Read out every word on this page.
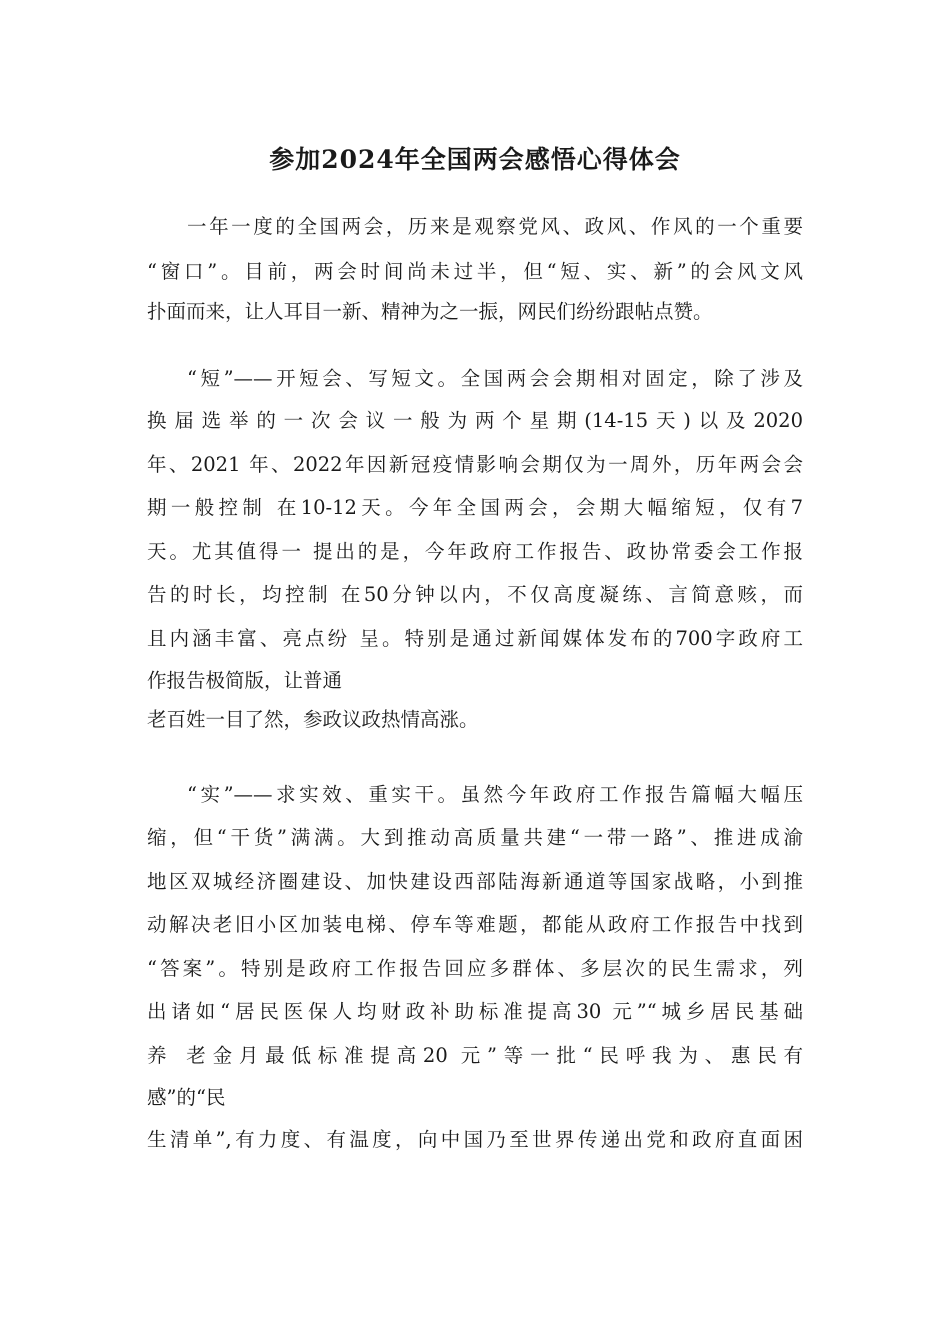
参加2024年全国两会感悟心得体会
一年一度的全国两会，历来是观察党风、政风、作风的一个重要
“窗口”。目前，两会时间尚未过半，但“短、实、新”的会风文风
扑面而来，让人耳目一新、精神为之一振，网民们纷纷跟帖点赞。
“短”——开短会、写短文。全国两会会期相对固定，除了涉及
换届选举的一次会议一般为两个星期(14-15天)以及2020
年、2021 年、2022年因新冠疫情影响会期仅为一周外，历年两会会
期一般控制 在10-12天。今年全国两会，会期大幅缩短，仅有7
天。尤其值得一 提出的是，今年政府工作报告、政协常委会工作报
告的时长，均控制 在50分钟以内，不仅高度凝练、言简意赅，而
且内涵丰富、亮点纷 呈。特别是通过新闻媒体发布的700字政府工
作报告极简版，让普通
老百姓一目了然，参政议政热情高涨。
“实”——求实效、重实干。虽然今年政府工作报告篇幅大幅压
缩，但“干货”满满。大到推动高质量共建“一带一路”、推进成渝
地区双城经济圈建设、加快建设西部陆海新通道等国家战略，小到推
动解决老旧小区加装电梯、停车等难题，都能从政府工作报告中找到
“答案”。特别是政府工作报告回应多群体、多层次的民生需求，列
出诸如“居民医保人均财政补助标准提高30 元”“城乡居民基础
养 老金月最低标准提高20 元”等一批“民呼我为、惠民有
感”的“民
生清单”,有力度、有温度，向中国乃至世界传递出党和政府直面困
